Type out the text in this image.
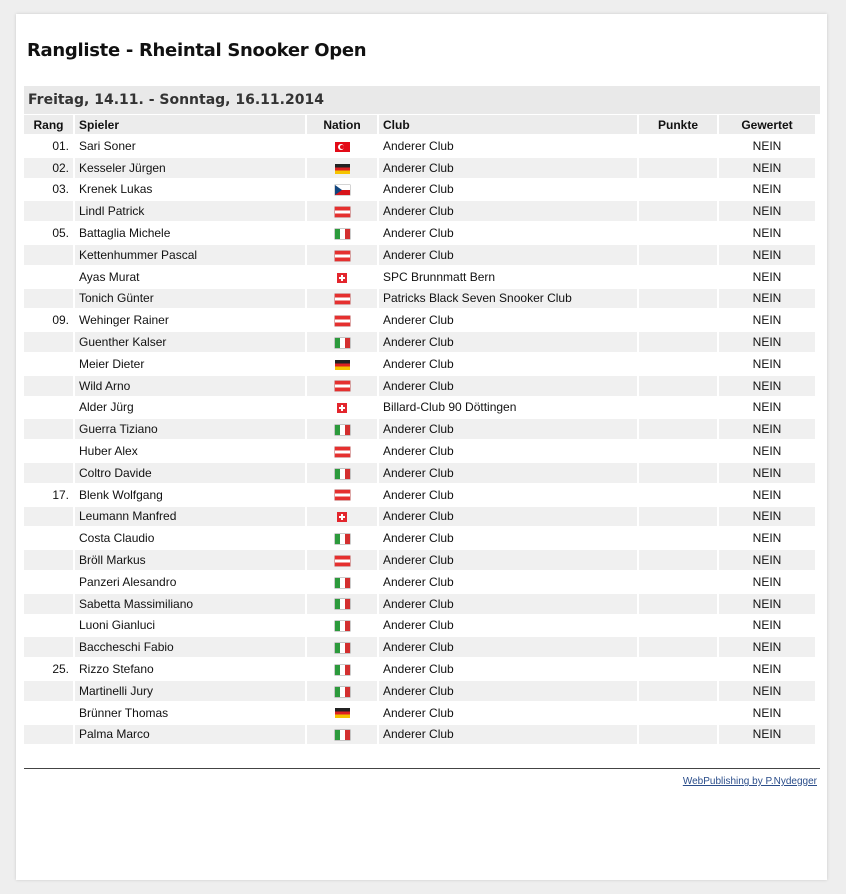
Rangliste - Rheintal Snooker Open
Freitag, 14.11. - Sonntag, 16.11.2014
Rang	Spieler	Nation	Club	Punkte	Gewertet
01.	Sari Soner		Anderer Club		NEIN
02.	Kesseler Jürgen		Anderer Club		NEIN
03.	Krenek Lukas		Anderer Club		NEIN
	Lindl Patrick		Anderer Club		NEIN
05.	Battaglia Michele		Anderer Club		NEIN
	Kettenhummer Pascal		Anderer Club		NEIN
	Ayas Murat		SPC Brunnmatt Bern		NEIN
	Tonich Günter		Patricks Black Seven Snooker Club		NEIN
09.	Wehinger Rainer		Anderer Club		NEIN
	Guenther Kalser		Anderer Club		NEIN
	Meier Dieter		Anderer Club		NEIN
	Wild Arno		Anderer Club		NEIN
	Alder Jürg		Billard-Club 90 Döttingen		NEIN
	Guerra Tiziano		Anderer Club		NEIN
	Huber Alex		Anderer Club		NEIN
	Coltro Davide		Anderer Club		NEIN
17.	Blenk Wolfgang		Anderer Club		NEIN
	Leumann Manfred		Anderer Club		NEIN
	Costa Claudio		Anderer Club		NEIN
	Bröll Markus		Anderer Club		NEIN
	Panzeri Alesandro		Anderer Club		NEIN
	Sabetta Massimiliano		Anderer Club		NEIN
	Luoni Gianluci		Anderer Club		NEIN
	Baccheschi Fabio		Anderer Club		NEIN
25.	Rizzo Stefano		Anderer Club		NEIN
	Martinelli Jury		Anderer Club		NEIN
	Brünner Thomas		Anderer Club		NEIN
	Palma Marco		Anderer Club		NEIN
WebPublishing by P.Nydegger
